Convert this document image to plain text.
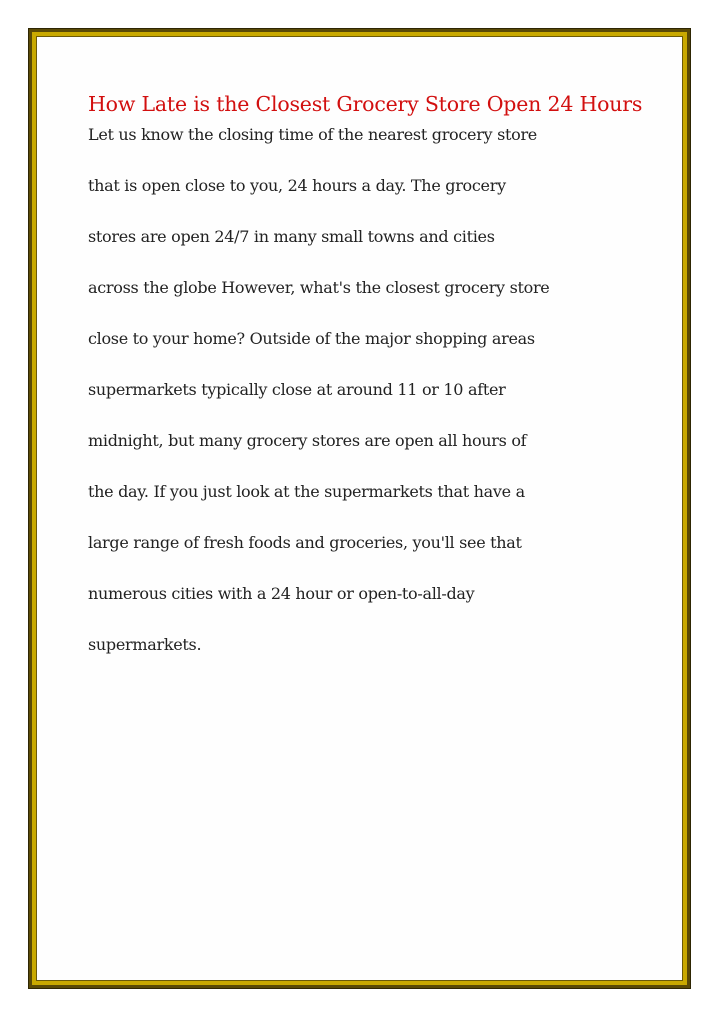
How Late is the Closest Grocery Store Open 24 Hours

Let us know the closing time of the nearest grocery store

that is open close to you, 24 hours a day. The grocery

stores are open 24/7 in many small towns and cities

across the globe However, what's the closest grocery store

close to your home? Outside of the major shopping areas

supermarkets typically close at around 11 or 10 after

midnight, but many grocery stores are open all hours of

the day. If you just look at the supermarkets that have a

large range of fresh foods and groceries, you'll see that

numerous cities with a 24 hour or open-to-all-day

supermarkets.
